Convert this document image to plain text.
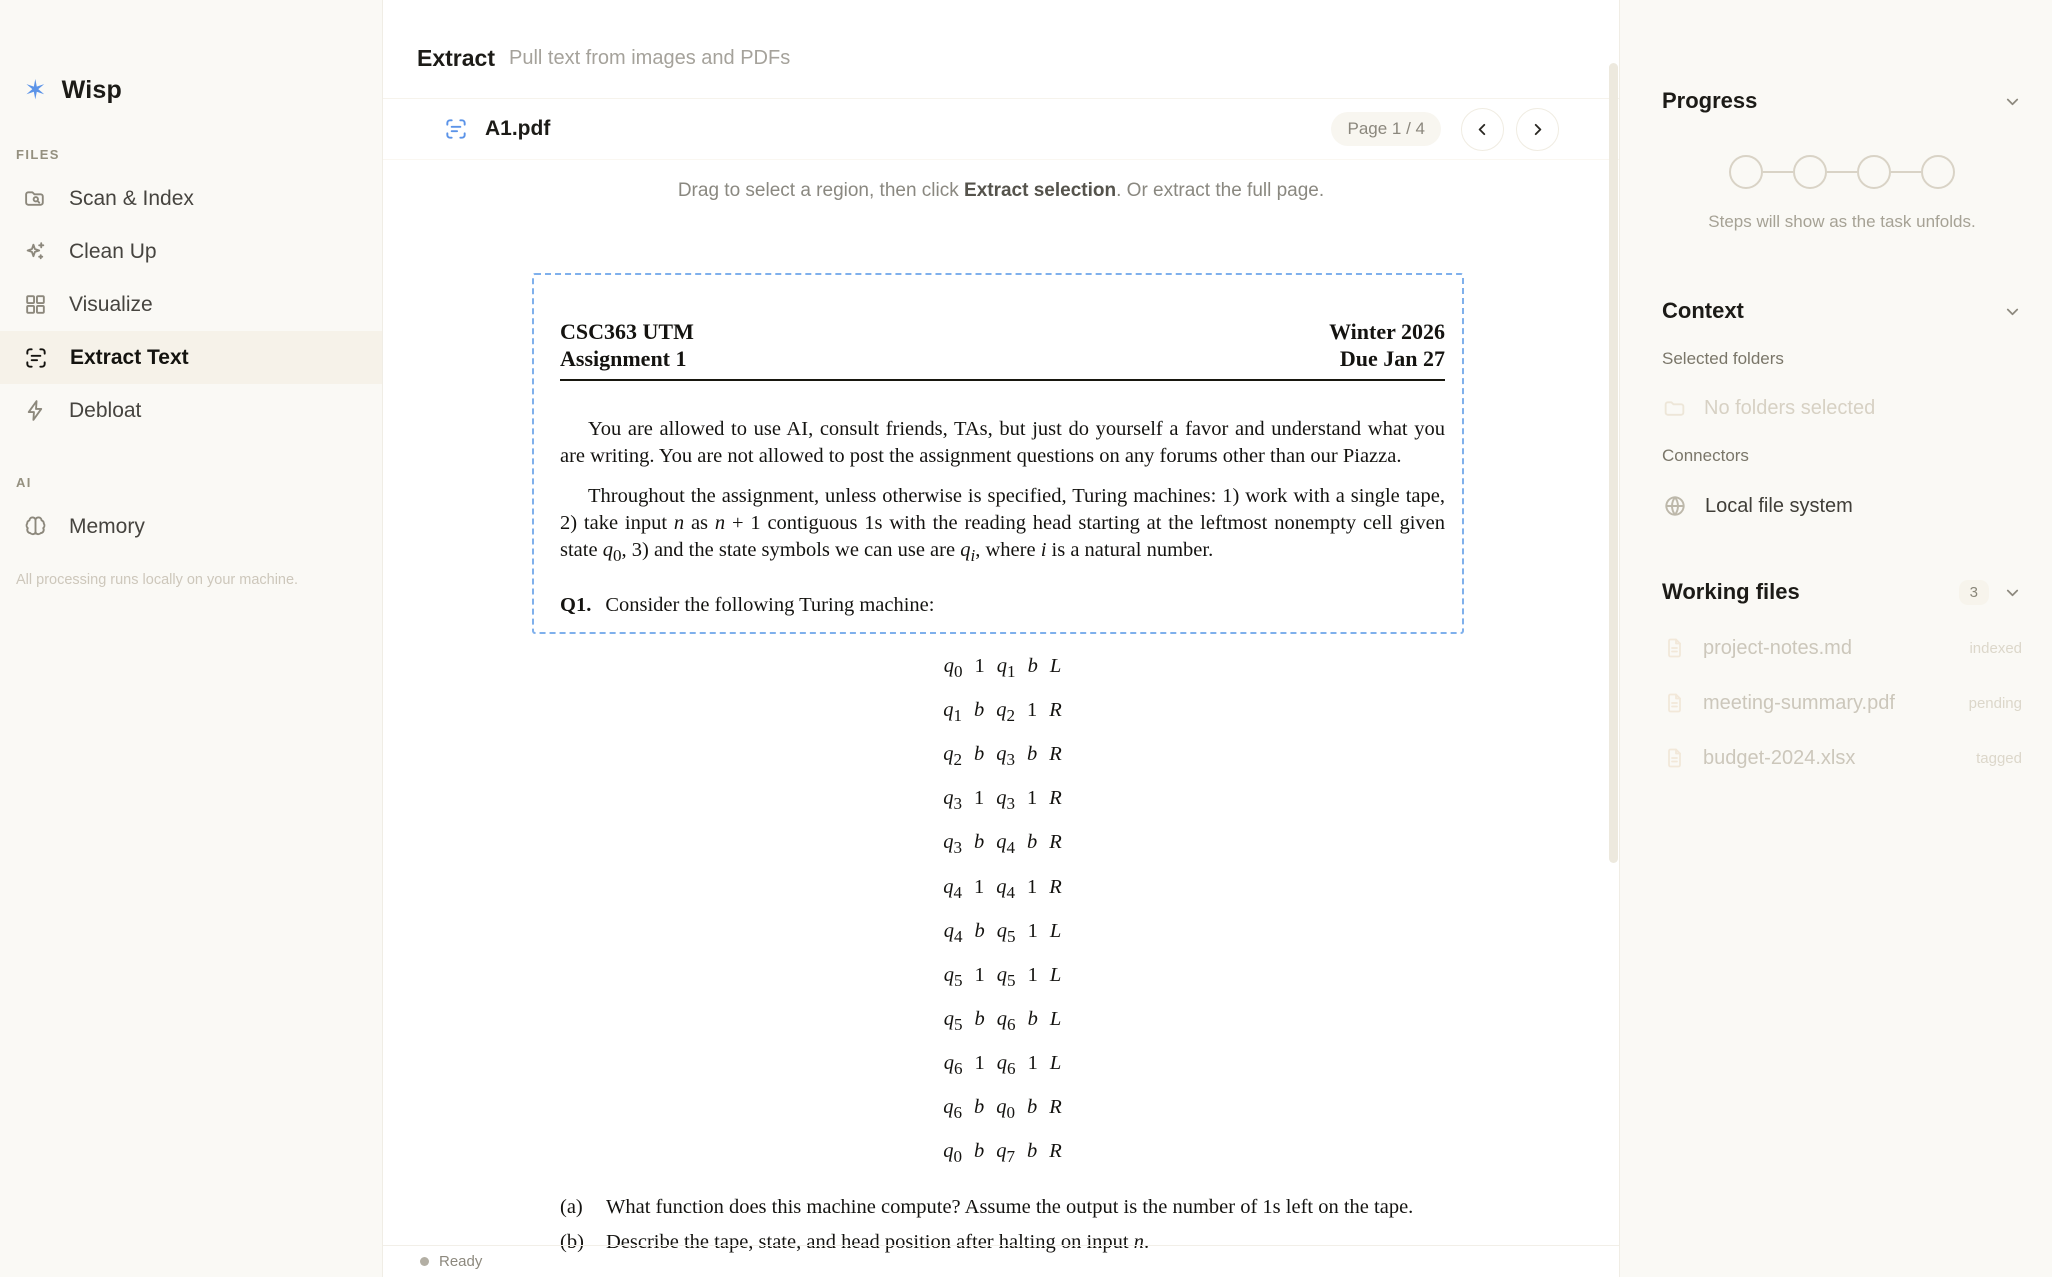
✶ Wisp
FILES
Scan & Index
Clean Up
Visualize
Extract Text
Debloat
AI
Memory
All processing runs locally on your machine.
Extract Pull text from images and PDFs
A1.pdf	Page 1 / 4
Drag to select a region, then click Extract selection. Or extract the full page.
CSC363 UTM
Assignment 1
Winter 2026
Due Jan 27

You are allowed to use AI, consult friends, TAs, but just do yourself a favor and understand what you are writing. You are not allowed to post the assignment questions on any forums other than our Piazza.

Throughout the assignment, unless otherwise is specified, Turing machines: 1) work with a single tape, 2) take input n as n + 1 contiguous 1s with the reading head starting at the leftmost nonempty cell given state $q_0$, 3) and the state symbols we can use are $q_i$, where i is a natural number.

Q1. Consider the following Turing machine:
$q_0$ 1 $q_1$ b L
$q_1$ b $q_2$ 1 R
$q_2$ b $q_3$ b R
$q_3$ 1 $q_3$ 1 R
$q_3$ b $q_4$ b R
$q_4$ 1 $q_4$ 1 R
$q_4$ b $q_5$ 1 L
$q_5$ 1 $q_5$ 1 L
$q_5$ b $q_6$ b L
$q_6$ 1 $q_6$ 1 L
$q_6$ b $q_0$ b R
$q_0$ b $q_7$ b R
(a)	What function does this machine compute? Assume the output is the number of 1s left on the tape.
(b)	Describe the tape, state, and head position after halting on input n.
Ready
Progress
Steps will show as the task unfolds.
Context
Selected folders
No folders selected
Connectors
Local file system
Working files	3
project-notes.md	indexed
meeting-summary.pdf	pending
budget-2024.xlsx	tagged
